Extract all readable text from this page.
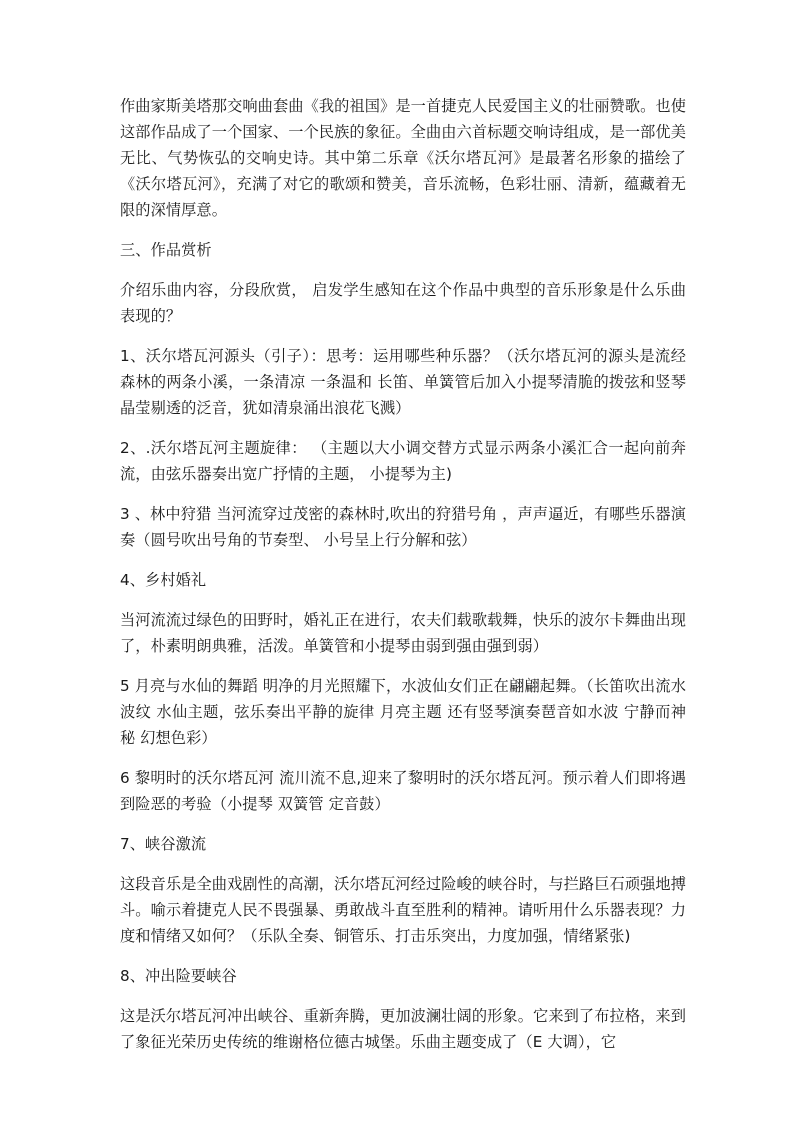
作曲家斯美塔那交响曲套曲《我的祖国》是一首捷克人民爱国主义的壮丽赞歌。也使这部作品成了一个国家、一个民族的象征。全曲由六首标题交响诗组成，是一部优美无比、气势恢弘的交响史诗。其中第二乐章《沃尔塔瓦河》是最著名形象的描绘了《沃尔塔瓦河》，充满了对它的歌颂和赞美，音乐流畅，色彩壮丽、清新，蕴藏着无限的深情厚意。

三、作品赏析

介绍乐曲内容，分段欣赏， 启发学生感知在这个作品中典型的音乐形象是什么乐曲表现的？

1、沃尔塔瓦河源头（引子）：思考：运用哪些种乐器？（沃尔塔瓦河的源头是流经森林的两条小溪，一条清凉 一条温和 长笛、单簧管后加入小提琴清脆的拨弦和竖琴晶莹剔透的泛音，犹如清泉涌出浪花飞溅）

2、.沃尔塔瓦河主题旋律： （主题以大小调交替方式显示两条小溪汇合一起向前奔流，由弦乐器奏出宽广抒情的主题， 小提琴为主)

3 、林中狩猎 当河流穿过茂密的森林时,吹出的狩猎号角 ，声声逼近，有哪些乐器演奏（圆号吹出号角的节奏型、 小号呈上行分解和弦）

4、乡村婚礼

当河流流过绿色的田野时，婚礼正在进行，农夫们载歌载舞，快乐的波尔卡舞曲出现了，朴素明朗典雅，活泼。单簧管和小提琴由弱到强由强到弱）

5 月亮与水仙的舞蹈 明净的月光照耀下，水波仙女们正在翩翩起舞。（长笛吹出流水波纹 水仙主题，弦乐奏出平静的旋律 月亮主题 还有竖琴演奏琶音如水波 宁静而神秘 幻想色彩）

6 黎明时的沃尔塔瓦河 流川流不息,迎来了黎明时的沃尔塔瓦河。预示着人们即将遇到险恶的考验（小提琴 双簧管 定音鼓）

7、峡谷激流

这段音乐是全曲戏剧性的高潮，沃尔塔瓦河经过险峻的峡谷时，与拦路巨石顽强地搏斗。喻示着捷克人民不畏强暴、勇敢战斗直至胜利的精神。请听用什么乐器表现？力度和情绪又如何？（乐队全奏、铜管乐、打击乐突出，力度加强，情绪紧张)

8、冲出险要峡谷

这是沃尔塔瓦河冲出峡谷、重新奔腾，更加波澜壮阔的形象。它来到了布拉格，来到了象征光荣历史传统的维谢格位德古城堡。乐曲主题变成了（E 大调），它
